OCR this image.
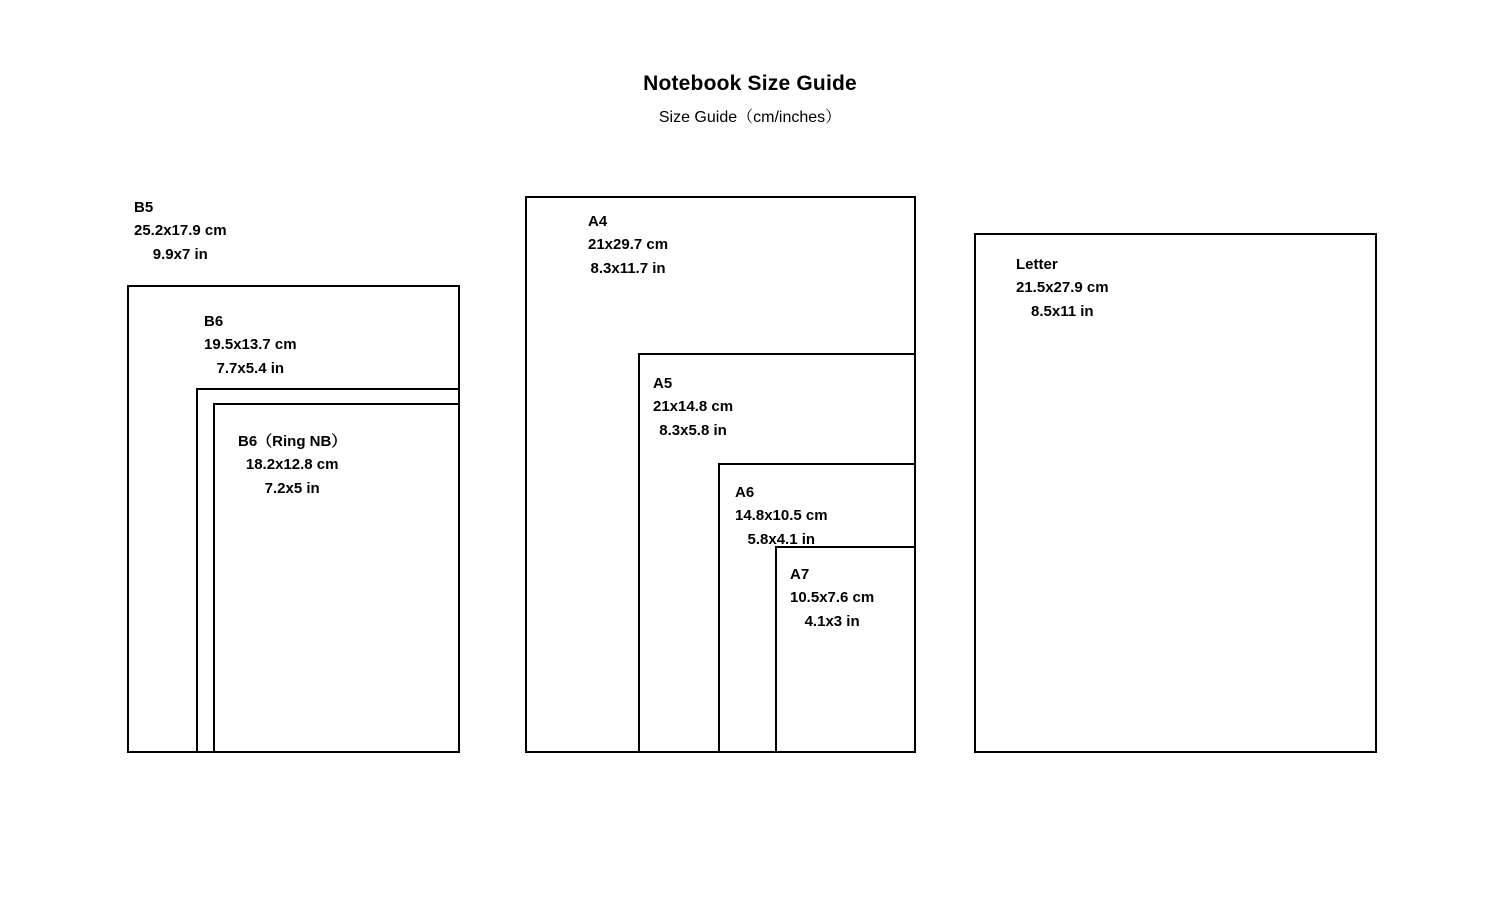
Notebook Size Guide
Size Guide（cm/inches）
B5
25.2x17.9 cm
9.9x7 in
B6
19.5x13.7 cm
7.7x5.4 in
B6（Ring NB）
18.2x12.8 cm
7.2x5 in
A4
21x29.7 cm
8.3x11.7 in
A5
21x14.8 cm
8.3x5.8 in
A6
14.8x10.5 cm
5.8x4.1 in
A7
10.5x7.6 cm
4.1x3 in
Letter
21.5x27.9 cm
8.5x11 in
